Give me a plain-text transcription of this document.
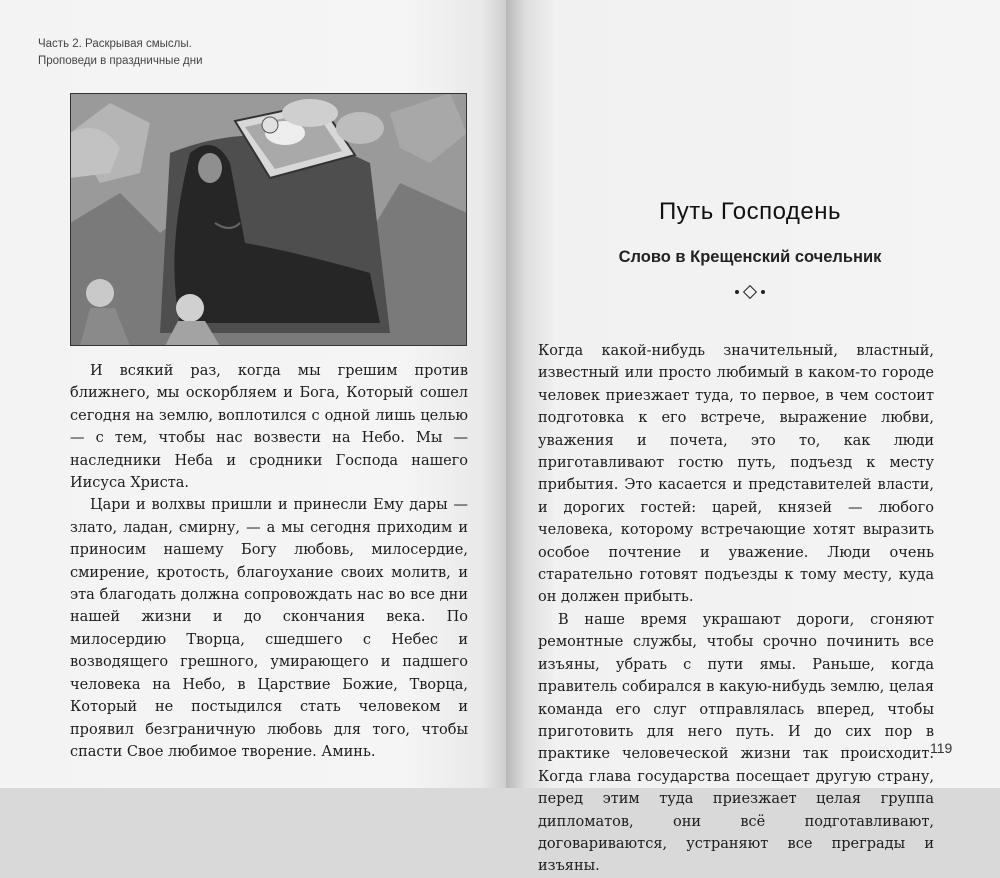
Часть 2. Раскрывая смыслы.
Проповеди в праздничные дни

И всякий раз, когда мы грешим против ближнего, мы оскорбляем и Бога, Который сошел сегодня на землю, воплотился с одной лишь целью — с тем, чтобы нас возвести на Небо. Мы — наследники Неба и сродники Господа нашего Иисуса Христа.

Цари и волхвы пришли и принесли Ему дары — злато, ладан, смирну, — а мы сегодня приходим и приносим нашему Богу любовь, милосердие, смирение, кротость, благоухание своих молитв, и эта благодать должна сопровождать нас во все дни нашей жизни и до скончания века. По милосердию Творца, сшедшего с Небес и возводящего грешного, умирающего и падшего человека на Небо, в Царствие Божие, Творца, Который не постыдился стать человеком и проявил безграничную любовь для того, чтобы спасти Свое любимое творение. Аминь.

Путь Господень
Слово в Крещенский сочельник

Когда какой-нибудь значительный, властный, известный или просто любимый в каком-то городе человек приезжает туда, то первое, в чем состоит подготовка к его встрече, выражение любви, уважения и почета, это то, как люди приготавливают гостю путь, подъезд к месту прибытия. Это касается и представителей власти, и дорогих гостей: царей, князей — любого человека, которому встречающие хотят выразить особое почтение и уважение. Люди очень старательно готовят подъезды к тому месту, куда он должен прибыть.

В наше время украшают дороги, сгоняют ремонтные службы, чтобы срочно починить все изъяны, убрать с пути ямы. Раньше, когда правитель собирался в какую-нибудь землю, целая команда его слуг отправлялась вперед, чтобы приготовить для него путь. И до сих пор в практике человеческой жизни так происходит. Когда глава государства посещает другую страну, перед этим туда приезжает целая группа дипломатов, они всё подготавливают, договариваются, устраняют все преграды и изъяны.

119
